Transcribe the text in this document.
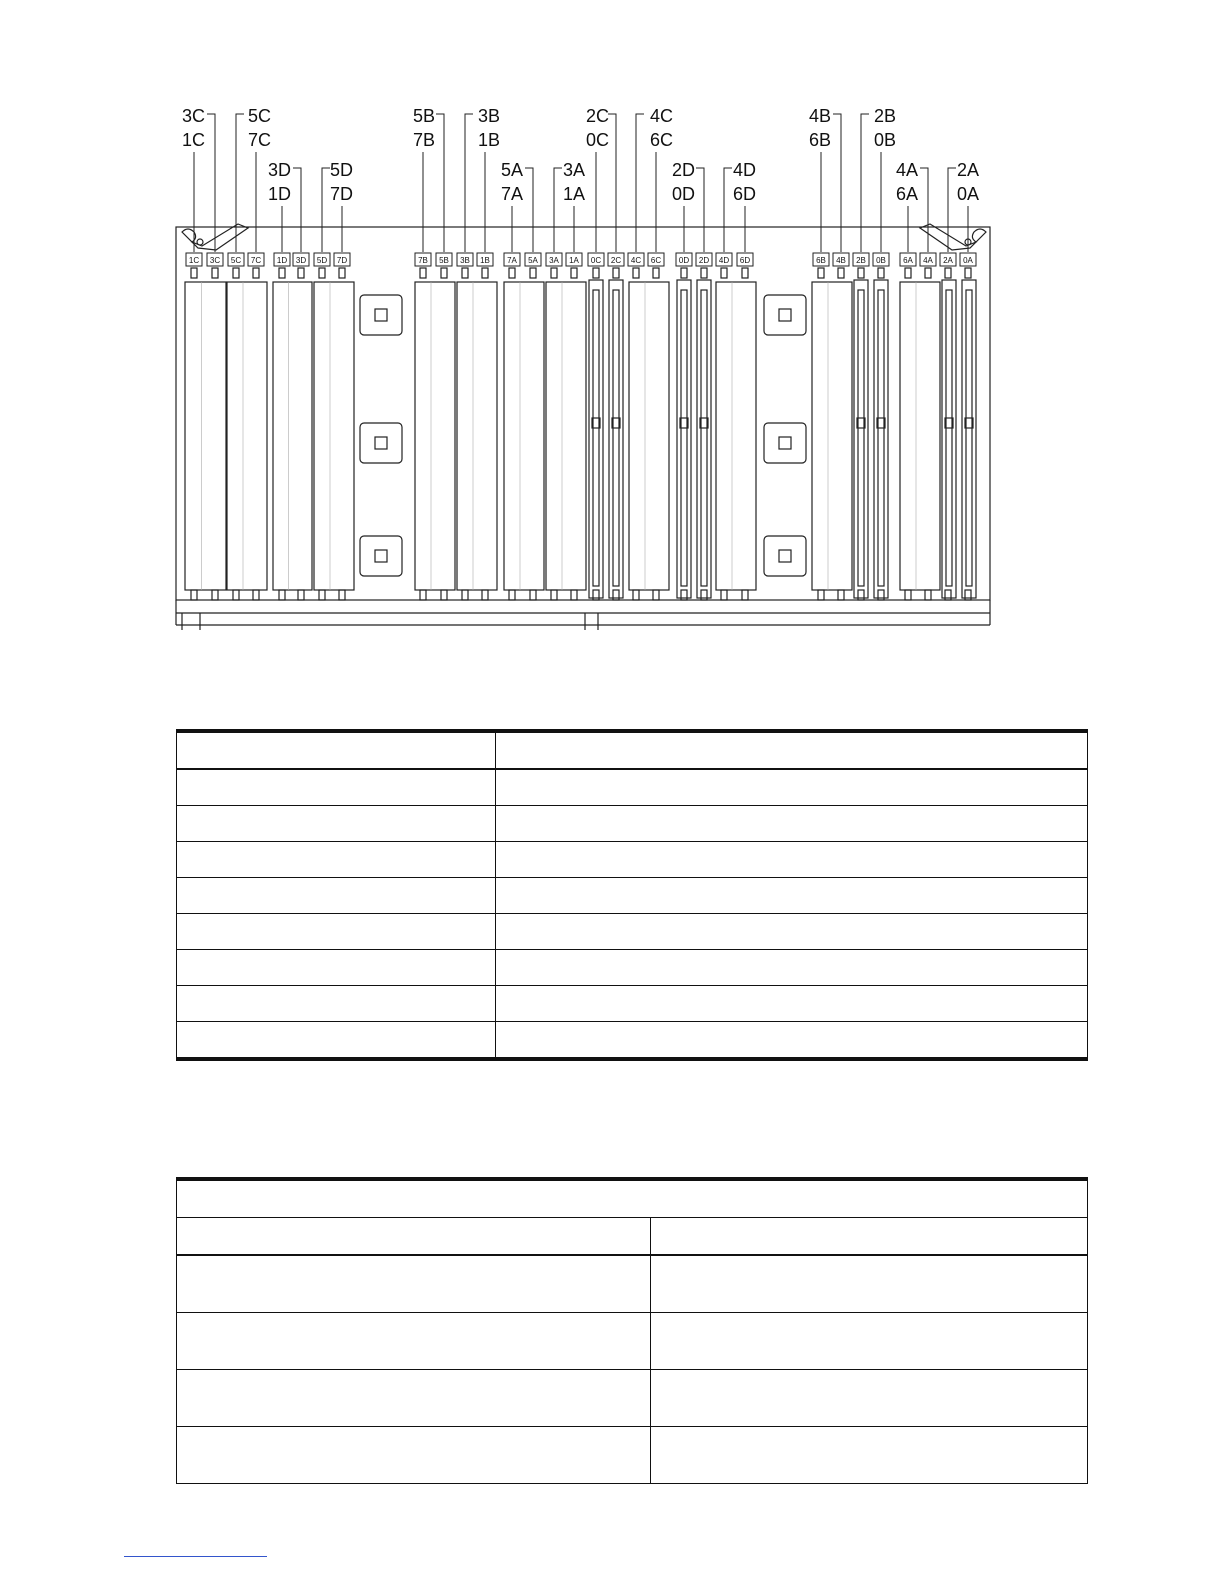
1C 3C 5C 7C 1D 3D 5D 7D	7B 5B 3B 1B 7A 5A 3A 1A 0C 2C 4C 6C 0D 2D 4D 6D	6B 4B 2B 0B 6A 4A 2A 0A
3C
1C
5C
7C
3D
1D
5D
7D
5B
7B
3B
1B
5A
7A
3A
1A
2C
0C
4C
6C
2D
0D
4D
6D
4B
6B
2B
0B
4A
6A
2A
0A
